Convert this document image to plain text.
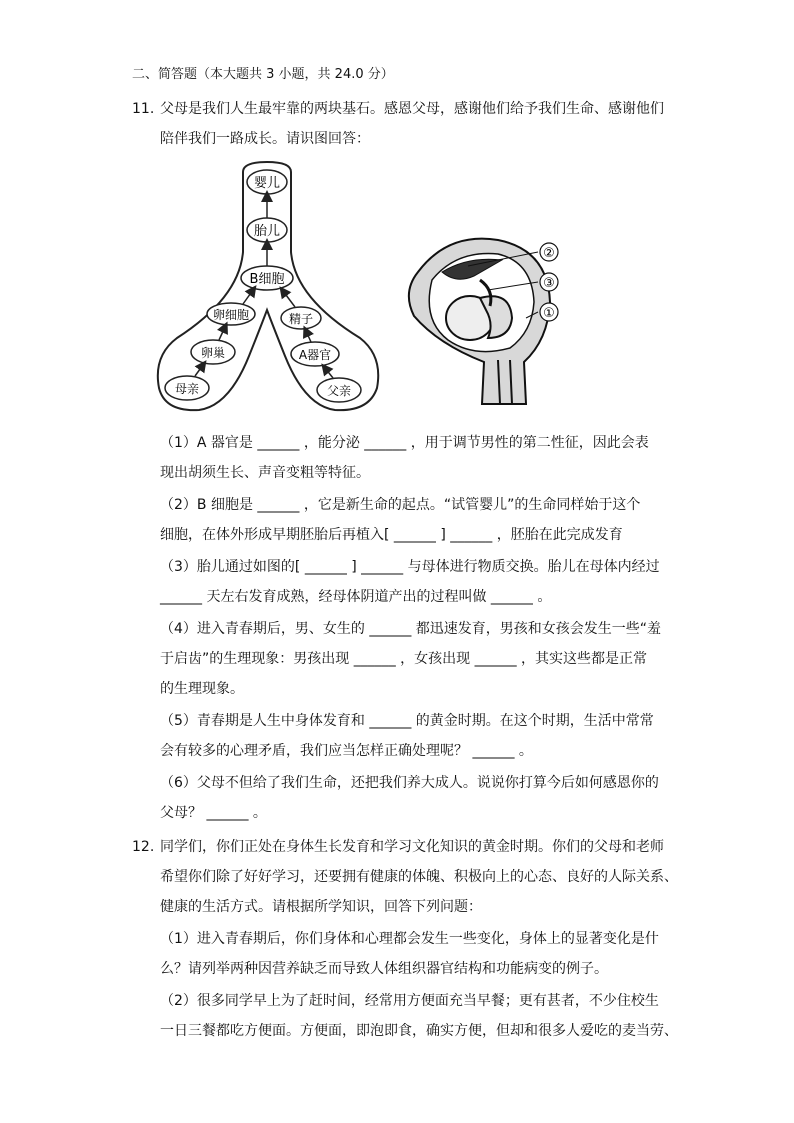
二、简答题（本大题共 3 小题，共 24.0 分）
11. 父母是我们人生最牢靠的两块基石。感恩父母，感谢他们给予我们生命、感谢他们
陪伴我们一路成长。请识图回答：
婴儿
胎儿
B细胞
卵细胞	精子
卵巢	A器官
母亲	父亲
②
③
①
（1）A 器官是 ______ ，能分泌 ______ ，用于调节男性的第二性征，因此会表
现出胡须生长、声音变粗等特征。
（2）B 细胞是 ______ ，它是新生命的起点。“试管婴儿”的生命同样始于这个
细胞，在体外形成早期胚胎后再植入[ ______ ] ______ ，胚胎在此完成发育
（3）胎儿通过如图的[ ______ ] ______ 与母体进行物质交换。胎儿在母体内经过
______ 天左右发育成熟，经母体阴道产出的过程叫做 ______ 。
（4）进入青春期后，男、女生的 ______ 都迅速发育，男孩和女孩会发生一些“羞
于启齿”的生理现象：男孩出现 ______ ，女孩出现 ______ ，其实这些都是正常
的生理现象。
（5）青春期是人生中身体发育和 ______ 的黄金时期。在这个时期，生活中常常
会有较多的心理矛盾，我们应当怎样正确处理呢？ ______ 。
（6）父母不但给了我们生命，还把我们养大成人。说说你打算今后如何感恩你的
父母？ ______ 。
12. 同学们，你们正处在身体生长发育和学习文化知识的黄金时期。你们的父母和老师
希望你们除了好好学习，还要拥有健康的体魄、积极向上的心态、良好的人际关系、
健康的生活方式。请根据所学知识，回答下列问题：
（1）进入青春期后，你们身体和心理都会发生一些变化，身体上的显著变化是什
么？请列举两种因营养缺乏而导致人体组织器官结构和功能病变的例子。
（2）很多同学早上为了赶时间，经常用方便面充当早餐；更有甚者，不少住校生
一日三餐都吃方便面。方便面，即泡即食，确实方便，但却和很多人爱吃的麦当劳、
